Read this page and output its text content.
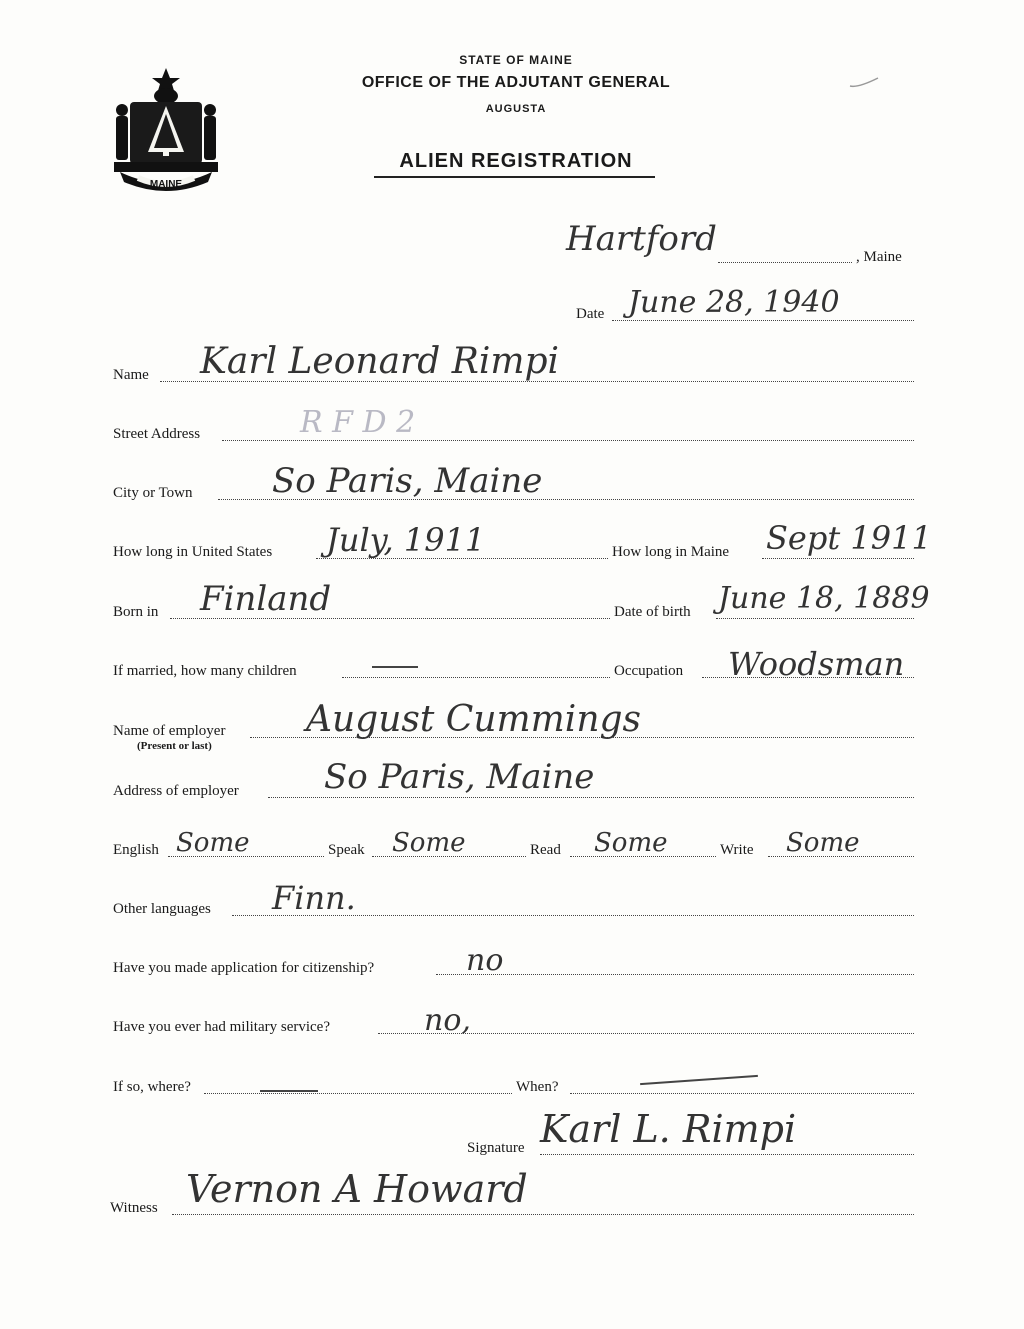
MAINE
STATE OF MAINE
OFFICE OF THE ADJUTANT GENERAL
AUGUSTA
ALIEN REGISTRATION
Hartford	, Maine
Date June 28, 1940
Name Karl Leonard Rimpi
Street Address	R F D 2
City or Town So Paris, Maine
How long in United States July, 1911	How long in Maine Sept 1911
Born in Finland	Date of birth June 18, 1889
If married, how many children	Occupation Woodsman
Name of employer
(Present or last)
August Cummings
Address of employer	So Paris, Maine
English Some	Speak Some	Read Some	Write Some
Other languages Finn.
Have you made application for citizenship?	no
Have you ever had military service?	no,
If so, where?	When?
Signature Karl L. Rimpi
Witness Vernon A Howard
